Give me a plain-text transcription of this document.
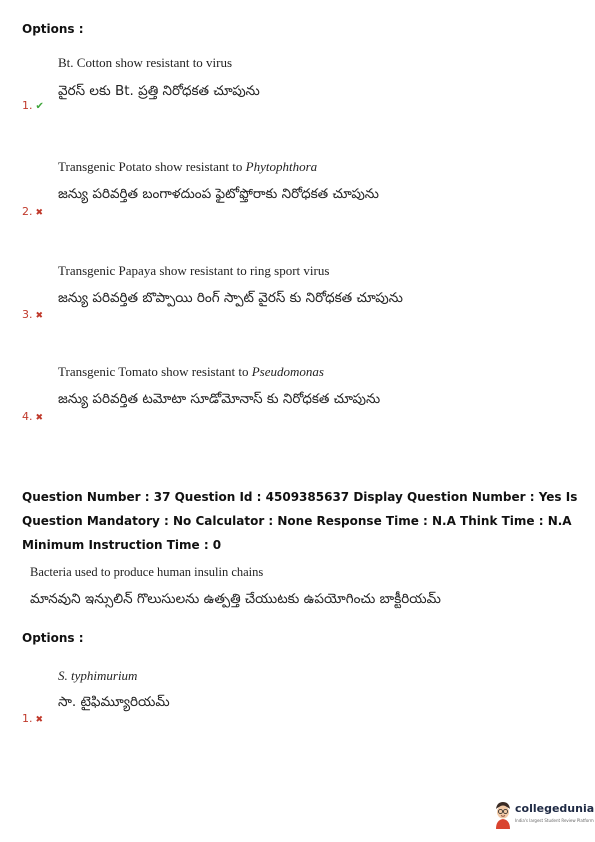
Options :
Bt. Cotton show resistant to virus
వైరస్ లకు Bt. ప్రత్తి నిరోధకత చూపును
1. ✔
Transgenic Potato show resistant to Phytophthora
జన్యు పరివర్తిత బంగాళదుంప ఫైటోఫ్తోరాకు నిరోధకత చూపును
2. ✖
Transgenic Papaya show resistant to ring sport virus
జన్యు పరివర్తిత బొప్పాయి రింగ్ స్పాట్ వైరస్ కు నిరోధకత చూపును
3. ✖
Transgenic Tomato show resistant to Pseudomonas
జన్యు పరివర్తిత టమోటా సూడోమోనాస్ కు నిరోధకత చూపును
4. ✖
Question Number : 37 Question Id : 4509385637 Display Question Number : Yes Is Question Mandatory : No Calculator : None Response Time : N.A Think Time : N.A Minimum Instruction Time : 0
Bacteria used to produce human insulin chains
మానవుని ఇన్సులిన్ గొలుసులను ఉత్పత్తి చేయుటకు ఉపయోగించు బాక్టీరియమ్
Options :
S. typhimurium
సా. టైఫిమ్యూరియమ్
1. ✖
collegedunia
India's largest Student Review Platform
